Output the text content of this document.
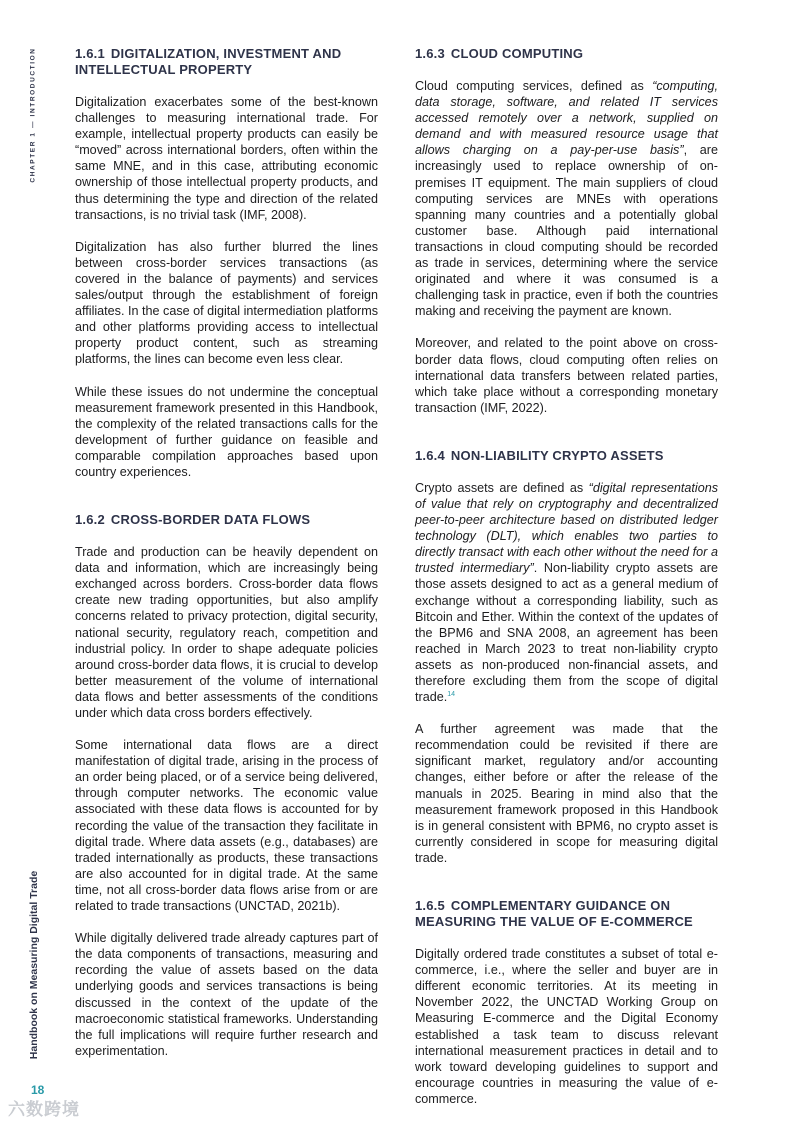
CHAPTER 1 — INTRODUCTION
Handbook on Measuring Digital Trade
18
六数跨境
1.6.1 DIGITALIZATION, INVESTMENT AND INTELLECTUAL PROPERTY

Digitalization exacerbates some of the best-known challenges to measuring international trade. For example, intellectual property products can easily be “moved” across international borders, often within the same MNE, and in this case, attributing economic ownership of those intellectual property products, and thus determining the type and direction of the related transactions, is no trivial task (IMF, 2008).

Digitalization has also further blurred the lines between cross-border services transactions (as covered in the balance of payments) and services sales/output through the establishment of foreign affiliates. In the case of digital intermediation platforms and other platforms providing access to intellectual property product content, such as streaming platforms, the lines can become even less clear.

While these issues do not undermine the conceptual measurement framework presented in this Handbook, the complexity of the related transactions calls for the development of further guidance on feasible and comparable compilation approaches based upon country experiences.

1.6.2 CROSS-BORDER DATA FLOWS

Trade and production can be heavily dependent on data and information, which are increasingly being exchanged across borders. Cross-border data flows create new trading opportunities, but also amplify concerns related to privacy protection, digital security, national security, regulatory reach, competition and industrial policy. In order to shape adequate policies around cross-border data flows, it is crucial to develop better measurement of the volume of international data flows and better assessments of the conditions under which data cross borders effectively.

Some international data flows are a direct manifestation of digital trade, arising in the process of an order being placed, or of a service being delivered, through computer networks. The economic value associated with these data flows is accounted for by recording the value of the transaction they facilitate in digital trade. Where data assets (e.g., databases) are traded internationally as products, these transactions are also accounted for in digital trade. At the same time, not all cross-border data flows arise from or are related to trade transactions (UNCTAD, 2021b).

While digitally delivered trade already captures part of the data components of transactions, measuring and recording the value of assets based on the data underlying goods and services transactions is being discussed in the context of the update of the macroeconomic statistical frameworks. Understanding the full implications will require further research and experimentation.

1.6.3 CLOUD COMPUTING

Cloud computing services, defined as “computing, data storage, software, and related IT services accessed remotely over a network, supplied on demand and with measured resource usage that allows charging on a pay-per-use basis”, are increasingly used to replace ownership of on-premises IT equipment. The main suppliers of cloud computing services are MNEs with operations spanning many countries and a potentially global customer base. Although paid international transactions in cloud computing should be recorded as trade in services, determining where the service originated and where it was consumed is a challenging task in practice, even if both the countries making and receiving the payment are known.

Moreover, and related to the point above on cross-border data flows, cloud computing often relies on international data transfers between related parties, which take place without a corresponding monetary transaction (IMF, 2022).

1.6.4 NON-LIABILITY CRYPTO ASSETS

Crypto assets are defined as “digital representations of value that rely on cryptography and decentralized peer-to-peer architecture based on distributed ledger technology (DLT), which enables two parties to directly transact with each other without the need for a trusted intermediary”. Non-liability crypto assets are those assets designed to act as a general medium of exchange without a corresponding liability, such as Bitcoin and Ether. Within the context of the updates of the BPM6 and SNA 2008, an agreement has been reached in March 2023 to treat non-liability crypto assets as non-produced non-financial assets, and therefore excluding them from the scope of digital trade.$^{14}$

A further agreement was made that the recommendation could be revisited if there are significant market, regulatory and/or accounting changes, either before or after the release of the manuals in 2025. Bearing in mind also that the measurement framework proposed in this Handbook is in general consistent with BPM6, no crypto asset is currently considered in scope for measuring digital trade.

1.6.5 COMPLEMENTARY GUIDANCE ON MEASURING THE VALUE OF E-COMMERCE

Digitally ordered trade constitutes a subset of total e-commerce, i.e., where the seller and buyer are in different economic territories. At its meeting in November 2022, the UNCTAD Working Group on Measuring E-commerce and the Digital Economy established a task team to discuss relevant international measurement practices in detail and to work toward developing guidelines to support and encourage countries in measuring the value of e-commerce.
